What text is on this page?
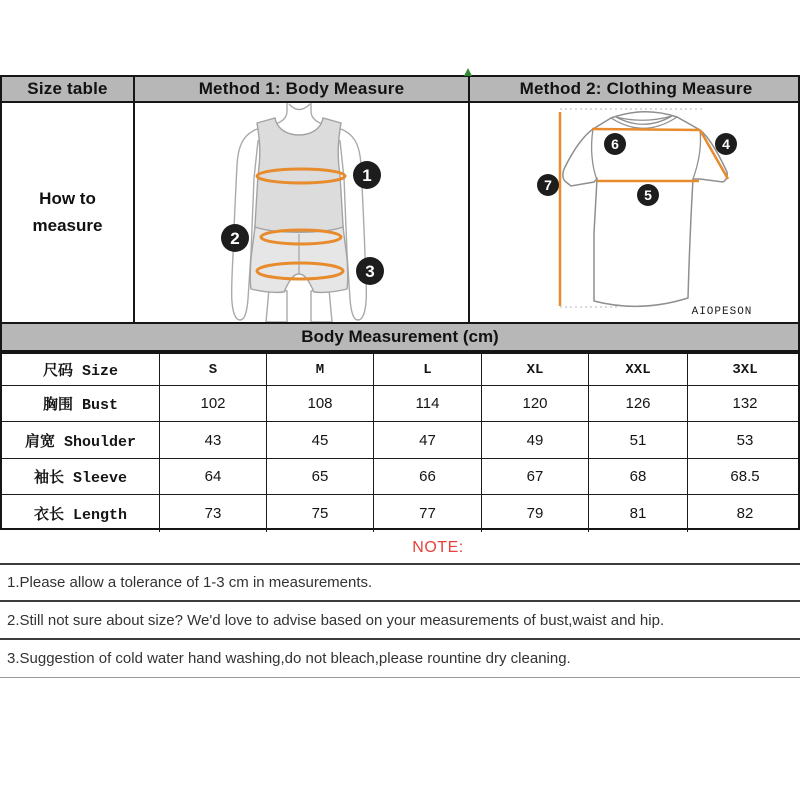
Size table	Method 1: Body Measure	Method 2: Clothing Measure
How to
measure
1
2
3
4
5
6
7
AIOPESON
Body Measurement (cm)
尺码 Size	S	M	L	XL	XXL	3XL
胸围 Bust	102	108	114	120	126	132
肩宽 Shoulder	43	45	47	49	51	53
袖长 Sleeve	64	65	66	67	68	68.5
衣长 Length	73	75	77	79	81	82
NOTE:
1.Please allow a tolerance of 1-3 cm in measurements.
2.Still not sure about size? We'd love to advise based on your measurements of bust,waist and hip.
3.Suggestion of cold water hand washing,do not bleach,please rountine dry cleaning.
